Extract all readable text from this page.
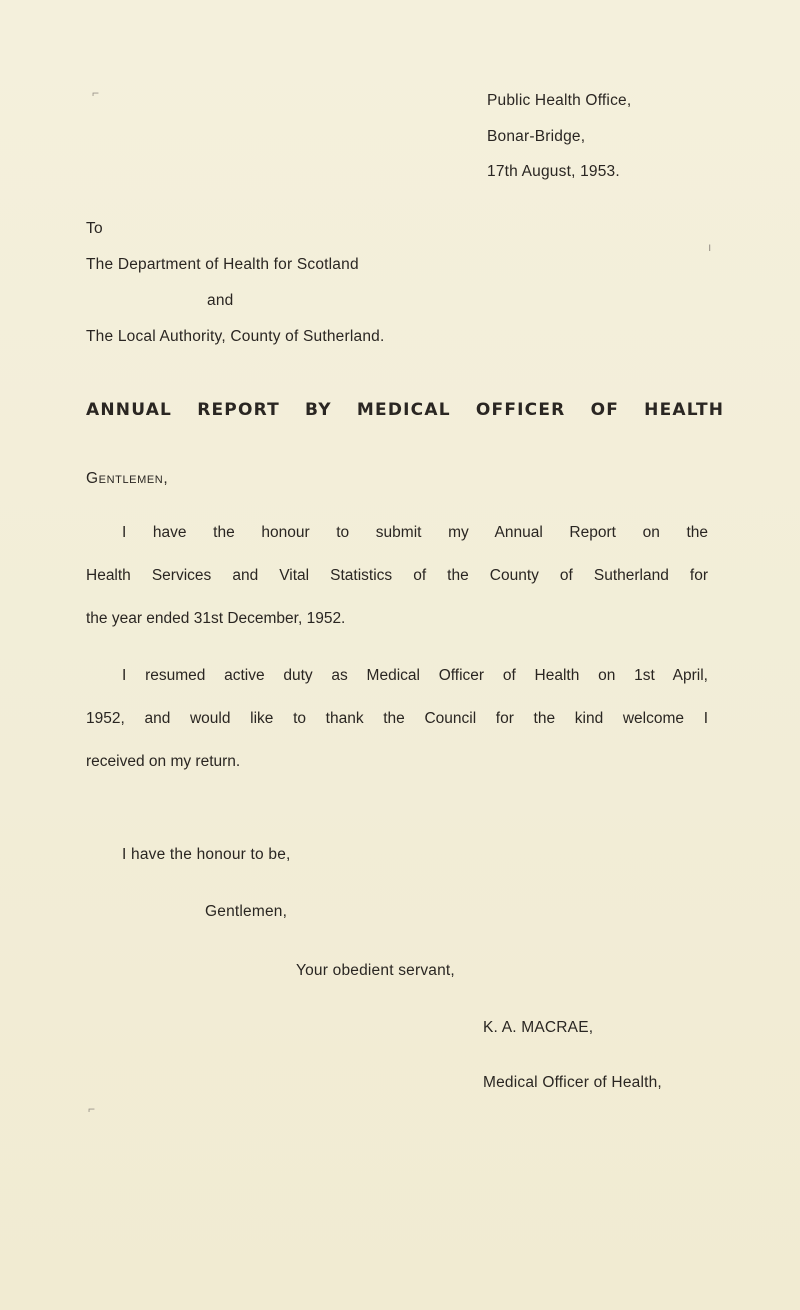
⌐
ı
⌐
Public Health Office,
Bonar-Bridge,
17th August, 1953.
To
The Department of Health for Scotland
and
The Local Authority, County of Sutherland.
ANNUAL REPORT BY MEDICAL OFFICER OF HEALTH
Gentlemen,
I have the honour to submit my Annual Report on the
Health Services and Vital Statistics of the County of Sutherland for
the year ended 31st December, 1952.
I resumed active duty as Medical Officer of Health on 1st April,
1952, and would like to thank the Council for the kind welcome I
received on my return.
I have the honour to be,
Gentlemen,
Your obedient servant,
K. A. MACRAE,
Medical Officer of Health,
